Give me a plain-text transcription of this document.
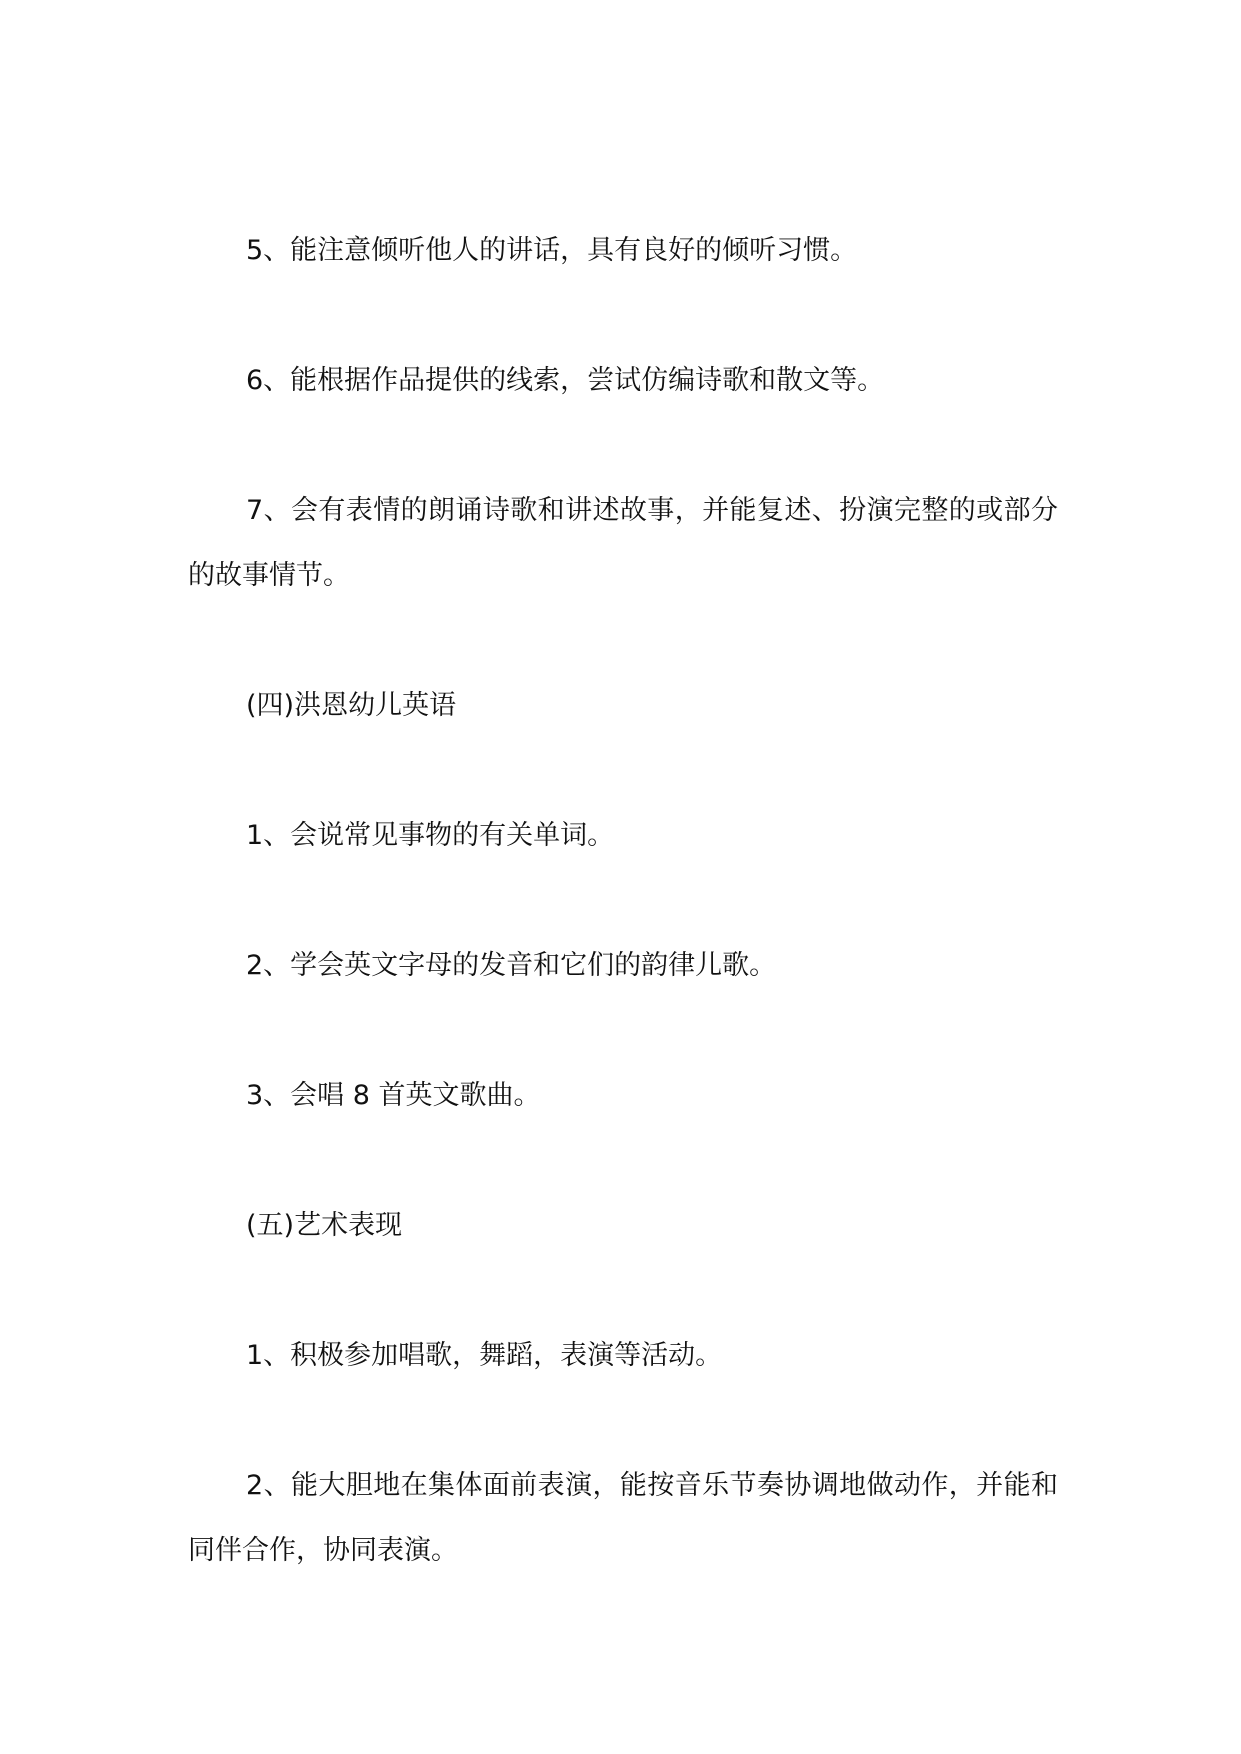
5、能注意倾听他人的讲话，具有良好的倾听习惯。

6、能根据作品提供的线索，尝试仿编诗歌和散文等。

7、会有表情的朗诵诗歌和讲述故事，并能复述、扮演完整的或部分的故事情节。

(四)洪恩幼儿英语

1、会说常见事物的有关单词。

2、学会英文字母的发音和它们的韵律儿歌。

3、会唱 8 首英文歌曲。

(五)艺术表现

1、积极参加唱歌，舞蹈，表演等活动。

2、能大胆地在集体面前表演，能按音乐节奏协调地做动作，并能和同伴合作，协同表演。
